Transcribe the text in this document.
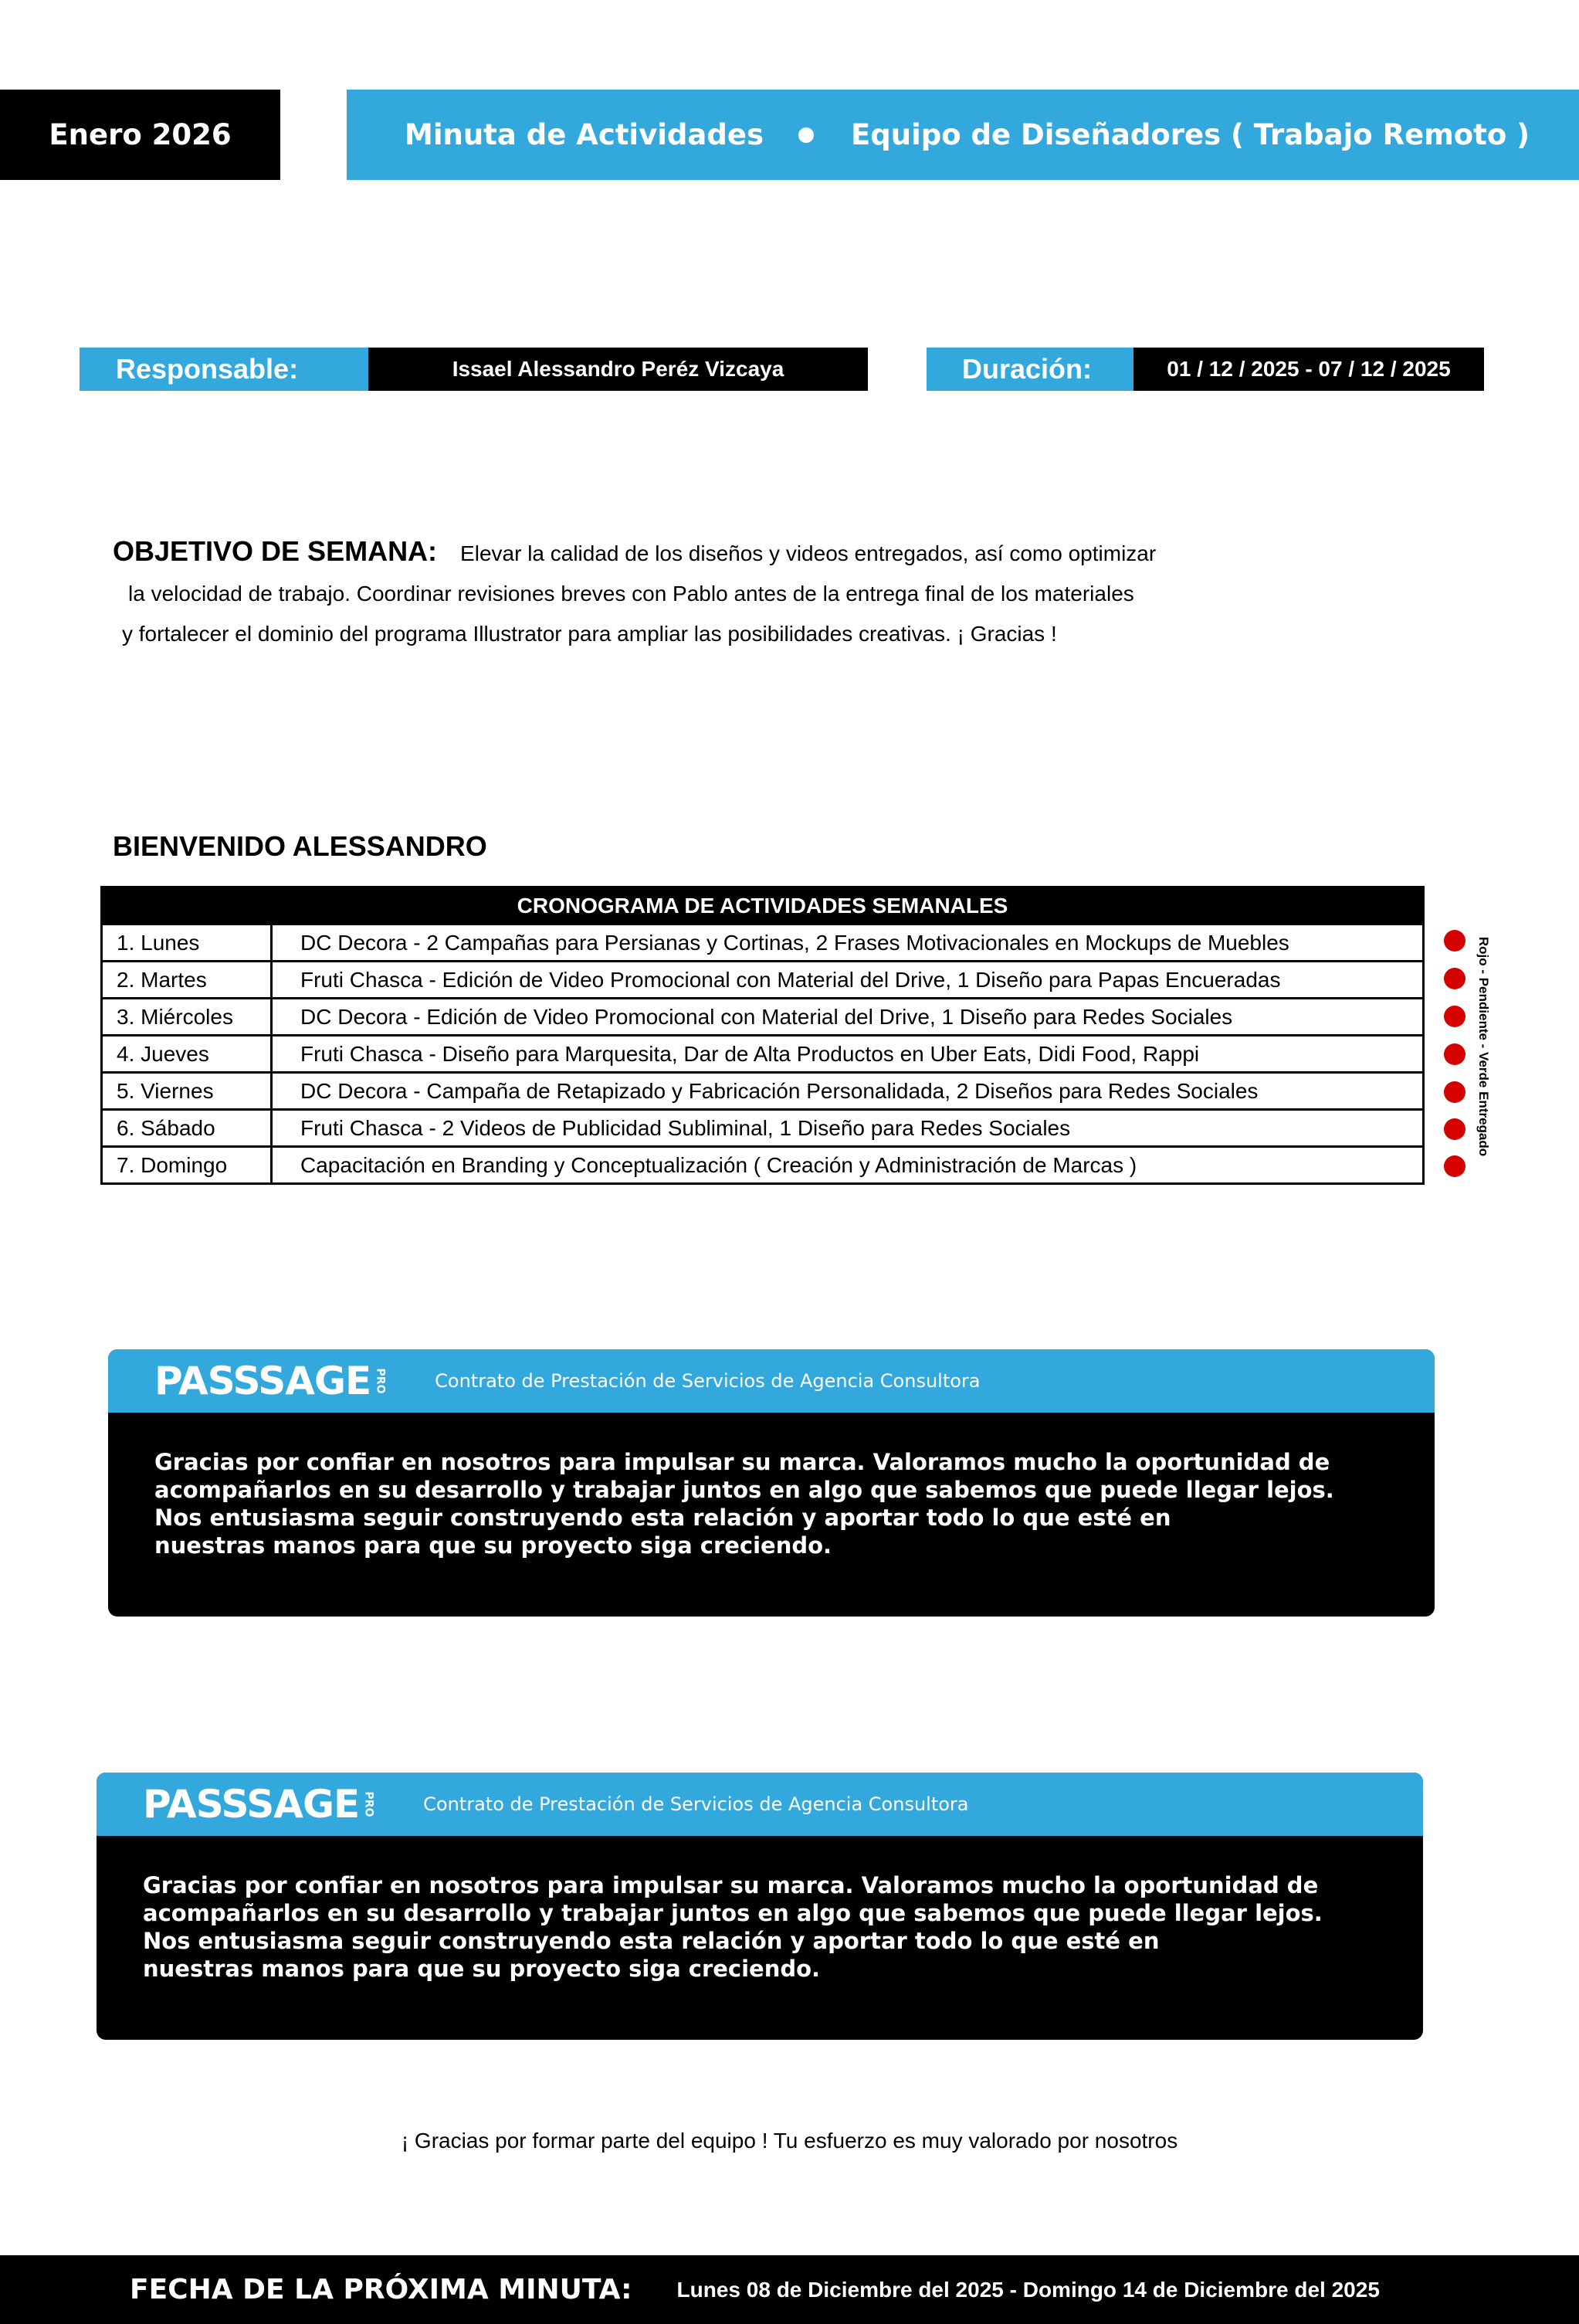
Enero 2026	Minuta de Actividades	Equipo de Diseñadores ( Trabajo Remoto )
Responsable:	Issael Alessandro Peréz Vizcaya	Duración:	01 / 12 / 2025 - 07 / 12 / 2025
OBJETIVO DE SEMANA: Elevar la calidad de los diseños y videos entregados, así como optimizar
la velocidad de trabajo. Coordinar revisiones breves con Pablo antes de la entrega final de los materiales
y fortalecer el dominio del programa Illustrator para ampliar las posibilidades creativas. ¡ Gracias !
BIENVENIDO ALESSANDRO
CRONOGRAMA DE ACTIVIDADES SEMANALES
1. Lunes	DC Decora - 2 Campañas para Persianas y Cortinas, 2 Frases Motivacionales en Mockups de Muebles
2. Martes	Fruti Chasca - Edición de Video Promocional con Material del Drive, 1 Diseño para Papas Encueradas
3. Miércoles	DC Decora - Edición de Video Promocional con Material del Drive, 1 Diseño para Redes Sociales
4. Jueves	Fruti Chasca - Diseño para Marquesita, Dar de Alta Productos en Uber Eats, Didi Food, Rappi
5. Viernes	DC Decora - Campaña de Retapizado y Fabricación Personalidada, 2 Diseños para Redes Sociales
6. Sábado	Fruti Chasca - 2 Videos de Publicidad Subliminal, 1 Diseño para Redes Sociales
7. Domingo	Capacitación en Branding y Conceptualización ( Creación y Administración de Marcas )
Rojo - Pendiente - Verde Entregado
PASSSAGE PRO	Contrato de Prestación de Servicios de Agencia Consultora
Gracias por confiar en nosotros para impulsar su marca. Valoramos mucho la oportunidad de
acompañarlos en su desarrollo y trabajar juntos en algo que sabemos que puede llegar lejos.
Nos entusiasma seguir construyendo esta relación y aportar todo lo que esté en
nuestras manos para que su proyecto siga creciendo.
PASSSAGE PRO	Contrato de Prestación de Servicios de Agencia Consultora
Gracias por confiar en nosotros para impulsar su marca. Valoramos mucho la oportunidad de
acompañarlos en su desarrollo y trabajar juntos en algo que sabemos que puede llegar lejos.
Nos entusiasma seguir construyendo esta relación y aportar todo lo que esté en
nuestras manos para que su proyecto siga creciendo.
¡ Gracias por formar parte del equipo ! Tu esfuerzo es muy valorado por nosotros
FECHA DE LA PRÓXIMA MINUTA: Lunes 08 de Diciembre del 2025 - Domingo 14 de Diciembre del 2025
